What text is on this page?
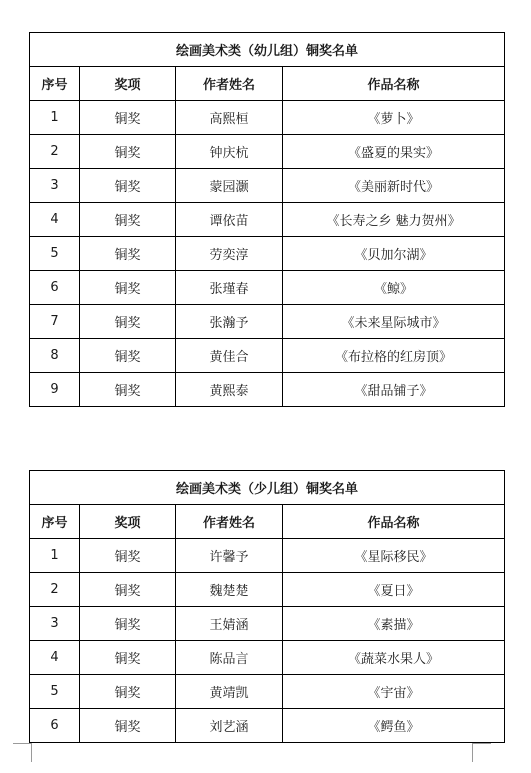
绘画美术类（幼儿组）铜奖名单			
序号	奖项	作者姓名	作品名称
1	铜奖	高熙桓	《萝卜》
2	铜奖	钟庆杭	《盛夏的果实》
3	铜奖	蒙园灏	《美丽新时代》
4	铜奖	谭依苗	《长寿之乡 魅力贺州》
5	铜奖	劳奕淳	《贝加尔湖》
6	铜奖	张瑾春	《鲸》
7	铜奖	张瀚予	《未来星际城市》
8	铜奖	黄佳合	《布拉格的红房顶》
9	铜奖	黄熙泰	《甜品铺子》
绘画美术类（少儿组）铜奖名单			
序号	奖项	作者姓名	作品名称
1	铜奖	许馨予	《星际移民》
2	铜奖	魏楚楚	《夏日》
3	铜奖	王婧涵	《素描》
4	铜奖	陈品言	《蔬菜水果人》
5	铜奖	黄靖凯	《宇宙》
6	铜奖	刘艺涵	《鳄鱼》
